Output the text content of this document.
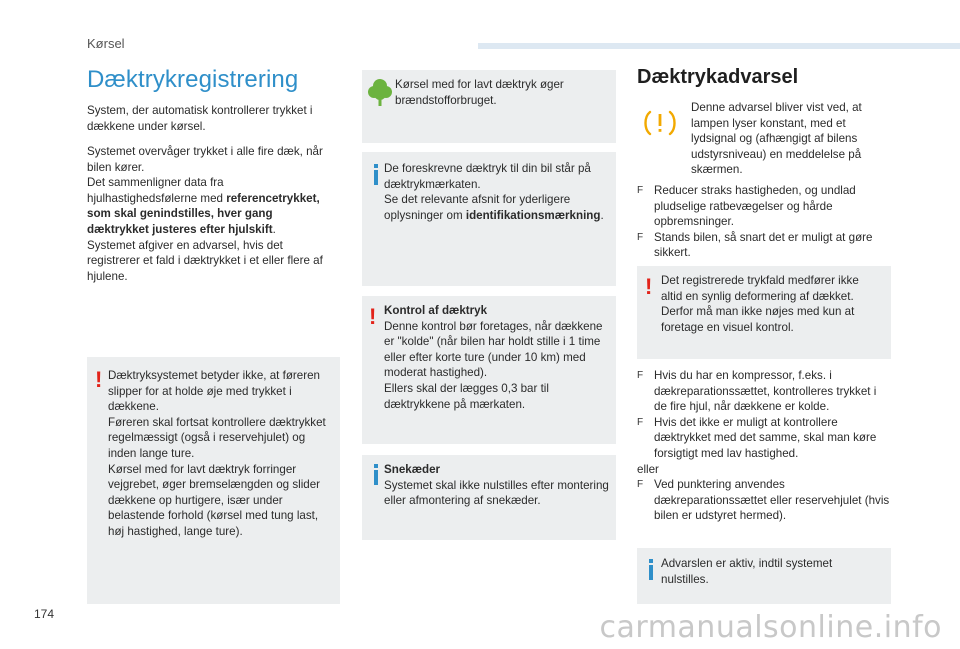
Kørsel
Dæktrykregistrering
System, der automatisk kontrollerer trykket i dækkene under kørsel.
Systemet overvåger trykket i alle fire dæk, når bilen kører.
Det sammenligner data fra hjulhastighedsfølerne med referencetrykket, som skal genindstilles, hver gang dæktrykket justeres efter hjulskift.
Systemet afgiver en advarsel, hvis det registrerer et fald i dæktrykket i et eller flere af hjulene.
! Dæktryksystemet betyder ikke, at føreren slipper for at holde øje med trykket i dækkene.
Føreren skal fortsat kontrollere dæktrykket regelmæssigt (også i reservehjulet) og inden lange ture.
Kørsel med for lavt dæktryk forringer vejgrebet, øger bremselængden og slider dækkene op hurtigere, især under belastende forhold (kørsel med tung last, høj hastighed, lange ture).
Kørsel med for lavt dæktryk øger brændstofforbruget.
De foreskrevne dæktryk til din bil står på dæktrykmærkaten.
Se det relevante afsnit for yderligere oplysninger om identifikationsmærkning.
! Kontrol af dæktryk
Denne kontrol bør foretages, når dækkene er "kolde" (når bilen har holdt stille i 1 time eller efter korte ture (under 10 km) med moderat hastighed).
Ellers skal der lægges 0,3 bar til dæktrykkene på mærkaten.
Snekæder
Systemet skal ikke nulstilles efter montering eller afmontering af snekæder.
Dæktrykadvarsel
Denne advarsel bliver vist ved, at lampen lyser konstant, med et lydsignal og (afhængigt af bilens udstyrsniveau) en meddelelse på skærmen.
F Reducer straks hastigheden, og undlad pludselige ratbevægelser og hårde opbremsninger.
F Stands bilen, så snart det er muligt at gøre sikkert.
! Det registrerede trykfald medfører ikke altid en synlig deformering af dækket. Derfor må man ikke nøjes med kun at foretage en visuel kontrol.
F Hvis du har en kompressor, f.eks. i dækreparationssættet, kontrolleres trykket i de fire hjul, når dækkene er kolde.
F Hvis det ikke er muligt at kontrollere dæktrykket med det samme, skal man køre forsigtigt med lav hastighed.
eller
F Ved punktering anvendes dækreparationssættet eller reservehjulet (hvis bilen er udstyret hermed).
Advarslen er aktiv, indtil systemet nulstilles.
174	carmanualsonline.info
